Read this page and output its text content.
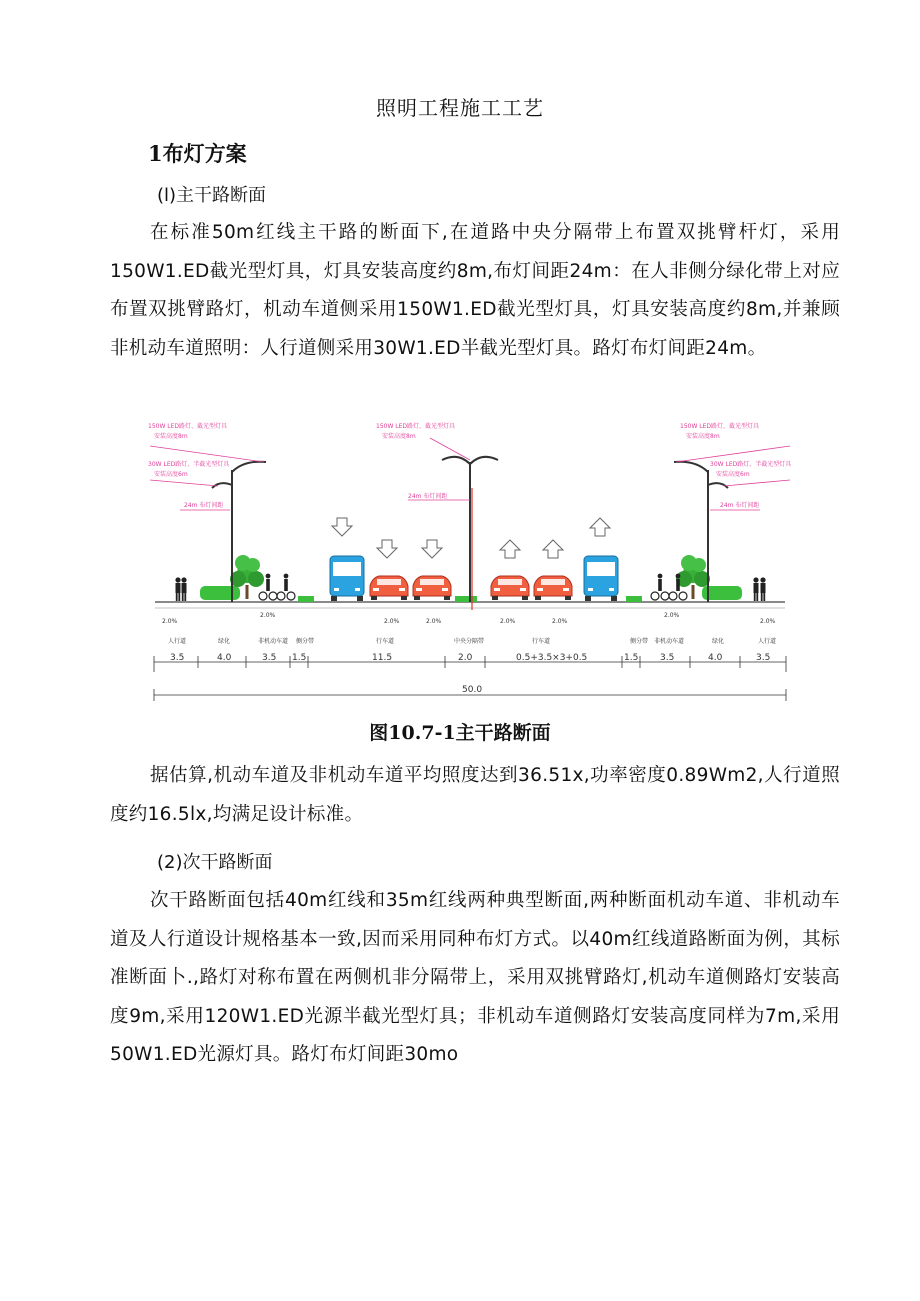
照明工程施工工艺
1布灯方案
(l)主干路断面
在标准50m红线主干路的断面下,在道路中央分隔带上布置双挑臂杆灯，采用150W1.ED截光型灯具，灯具安装高度约8m,布灯间距24m：在人非侧分绿化带上对应布置双挑臂路灯，机动车道侧采用150W1.ED截光型灯具，灯具安装高度约8m,并兼顾非机动车道照明：人行道侧采用30W1.ED半截光型灯具。路灯布灯间距24m。
150W LED路灯、截光型灯具
安装高度8m
30W LED路灯、半截光型灯具
安装高度6m
24m 布灯间距
150W LED路灯、截光型灯具
安装高度8m
24m 布灯间距
150W LED路灯、截光型灯具
安装高度8m
30W LED路灯、半截光型灯具
安装高度6m
24m 布灯间距
2.0%
2.0%
2.0%	2.0%	2.0%	2.0%
2.0%
2.0%
人行道	绿化	非机动车道 侧分带	行车道	中央分隔带	行车道	侧分带 非机动车道	绿化	人行道
3.5	4.0	3.5 1.5	11.5	2.0	0.5+3.5×3+0.5	1.5 3.5	4.0	3.5
50.0
图10.7-1主干路断面
据估算,机动车道及非机动车道平均照度达到36.51x,功率密度0.89Wm2,人行道照度约16.5lx,均满足设计标准。
(2)次干路断面
次干路断面包括40m红线和35m红线两种典型断面,两种断面机动车道、非机动车道及人行道设计规格基本一致,因而采用同种布灯方式。以40m红线道路断面为例，其标准断面卜.,路灯对称布置在两侧机非分隔带上，采用双挑臂路灯,机动车道侧路灯安装高度9m,采用120W1.ED光源半截光型灯具；非机动车道侧路灯安装高度同样为7m,采用50W1.ED光源灯具。路灯布灯间距30mo
